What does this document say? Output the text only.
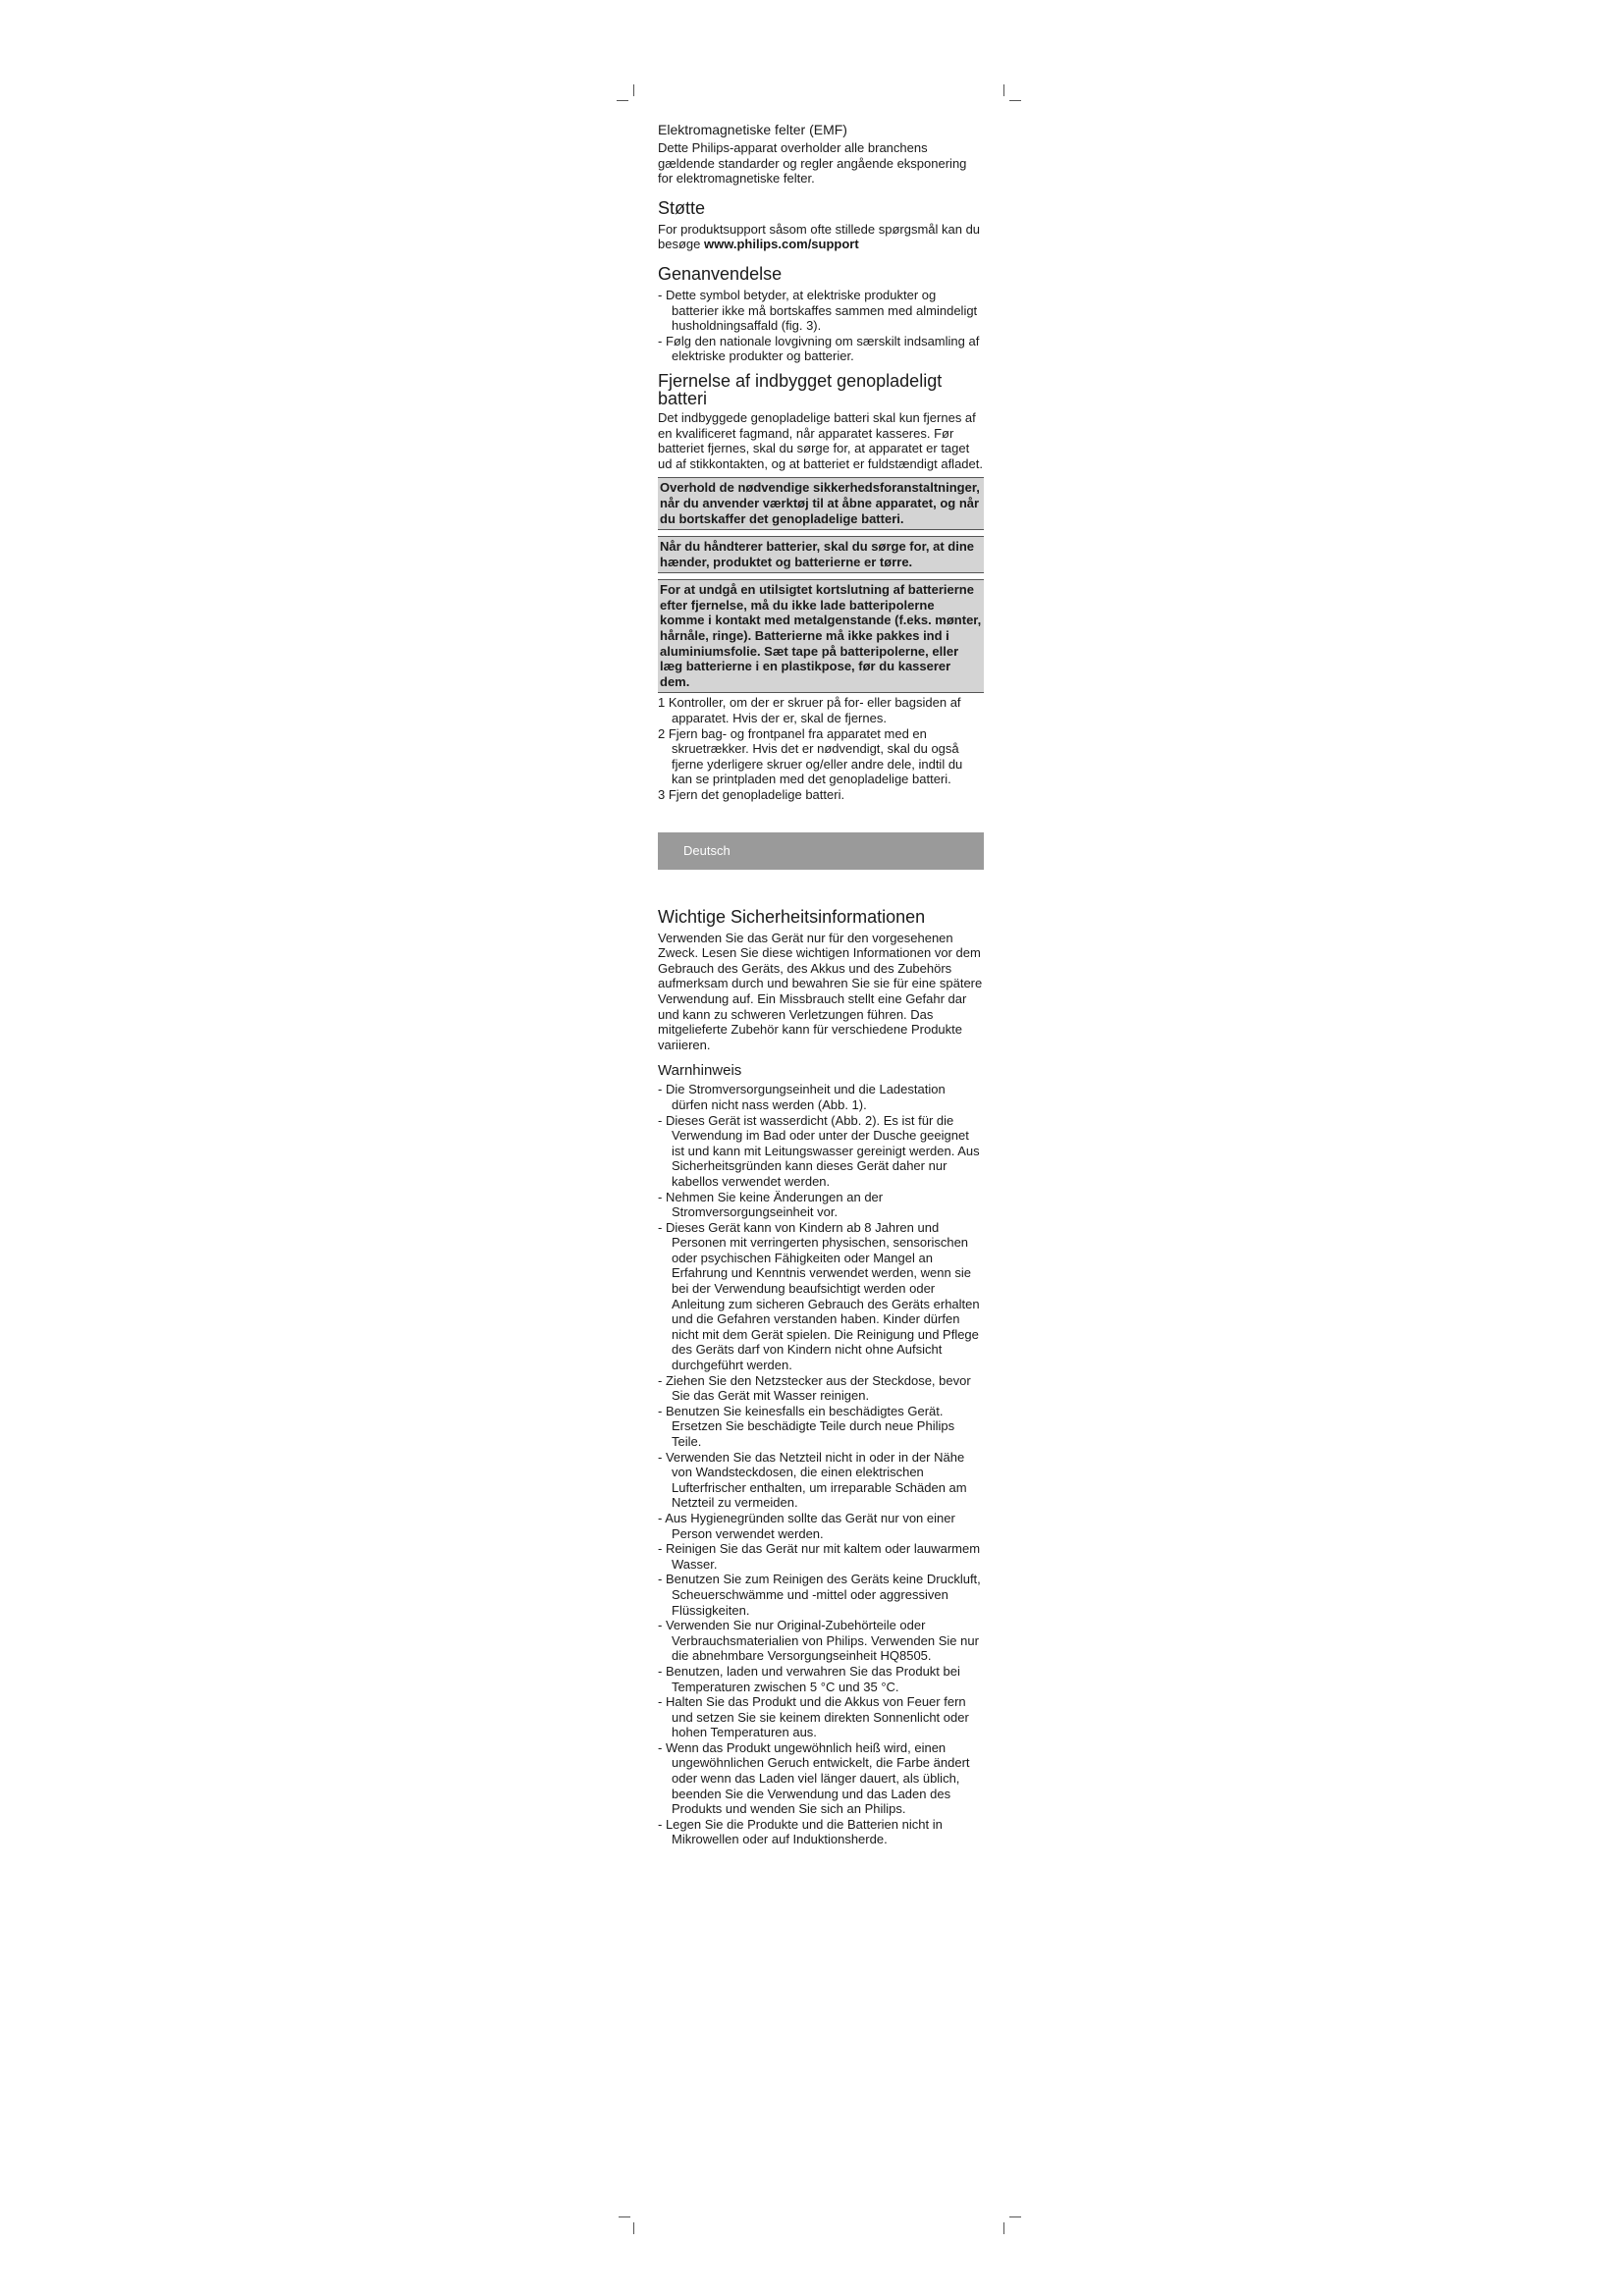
Elektromagnetiske felter (EMF)

Dette Philips-apparat overholder alle branchens gældende standarder og regler angående eksponering for elektromagnetiske felter.

Støtte

For produktsupport såsom ofte stillede spørgsmål kan du besøge www.philips.com/support

Genanvendelse
- Dette symbol betyder, at elektriske produkter og batterier ikke må bortskaffes sammen med almindeligt husholdningsaffald (fig. 3).
- Følg den nationale lovgivning om særskilt indsamling af elektriske produkter og batterier.
Fjernelse af indbygget genopladeligt batteri

Det indbyggede genopladelige batteri skal kun fjernes af en kvalificeret fagmand, når apparatet kasseres. Før batteriet fjernes, skal du sørge for, at apparatet er taget ud af stikkontakten, og at batteriet er fuldstændigt afladet.

Overhold de nødvendige sikkerhedsforanstaltninger, når du anvender værktøj til at åbne apparatet, og når du bortskaffer det genopladelige batteri.
Når du håndterer batterier, skal du sørge for, at dine hænder, produktet og batterierne er tørre.
For at undgå en utilsigtet kortslutning af batterierne efter fjernelse, må du ikke lade batteripolerne komme i kontakt med metalgenstande (f.eks. mønter, hårnåle, ringe). Batterierne må ikke pakkes ind i aluminiumsfolie. Sæt tape på batteripolerne, eller læg batterierne i en plastikpose, før du kasserer dem.
1 Kontroller, om der er skruer på for- eller bagsiden af apparatet. Hvis der er, skal de fjernes.
2 Fjern bag- og frontpanel fra apparatet med en skruetrækker. Hvis det er nødvendigt, skal du også fjerne yderligere skruer og/eller andre dele, indtil du kan se printpladen med det genopladelige batteri.
3 Fjern det genopladelige batteri.
Deutsch
Wichtige Sicherheitsinformationen

Verwenden Sie das Gerät nur für den vorgesehenen Zweck. Lesen Sie diese wichtigen Informationen vor dem Gebrauch des Geräts, des Akkus und des Zubehörs aufmerksam durch und bewahren Sie sie für eine spätere Verwendung auf. Ein Missbrauch stellt eine Gefahr dar und kann zu schweren Verletzungen führen. Das mitgelieferte Zubehör kann für verschiedene Produkte variieren.

Warnhinweis
- Die Stromversorgungseinheit und die Ladestation dürfen nicht nass werden (Abb. 1).
- Dieses Gerät ist wasserdicht (Abb. 2). Es ist für die Verwendung im Bad oder unter der Dusche geeignet ist und kann mit Leitungswasser gereinigt werden. Aus Sicherheitsgründen kann dieses Gerät daher nur kabellos verwendet werden.
- Nehmen Sie keine Änderungen an der Stromversorgungseinheit vor.
- Dieses Gerät kann von Kindern ab 8 Jahren und Personen mit verringerten physischen, sensorischen oder psychischen Fähigkeiten oder Mangel an Erfahrung und Kenntnis verwendet werden, wenn sie bei der Verwendung beaufsichtigt werden oder Anleitung zum sicheren Gebrauch des Geräts erhalten und die Gefahren verstanden haben. Kinder dürfen nicht mit dem Gerät spielen. Die Reinigung und Pflege des Geräts darf von Kindern nicht ohne Aufsicht durchgeführt werden.
- Ziehen Sie den Netzstecker aus der Steckdose, bevor Sie das Gerät mit Wasser reinigen.
- Benutzen Sie keinesfalls ein beschädigtes Gerät. Ersetzen Sie beschädigte Teile durch neue Philips Teile.
- Verwenden Sie das Netzteil nicht in oder in der Nähe von Wandsteckdosen, die einen elektrischen Lufterfrischer enthalten, um irreparable Schäden am Netzteil zu vermeiden.
- Aus Hygienegründen sollte das Gerät nur von einer Person verwendet werden.
- Reinigen Sie das Gerät nur mit kaltem oder lauwarmem Wasser.
- Benutzen Sie zum Reinigen des Geräts keine Druckluft, Scheuerschwämme und -mittel oder aggressiven Flüssigkeiten.
- Verwenden Sie nur Original-Zubehörteile oder Verbrauchsmaterialien von Philips. Verwenden Sie nur die abnehmbare Versorgungseinheit HQ8505.
- Benutzen, laden und verwahren Sie das Produkt bei Temperaturen zwischen 5 °C und 35 °C.
- Halten Sie das Produkt und die Akkus von Feuer fern und setzen Sie sie keinem direkten Sonnenlicht oder hohen Temperaturen aus.
- Wenn das Produkt ungewöhnlich heiß wird, einen ungewöhnlichen Geruch entwickelt, die Farbe ändert oder wenn das Laden viel länger dauert, als üblich, beenden Sie die Verwendung und das Laden des Produkts und wenden Sie sich an Philips.
- Legen Sie die Produkte und die Batterien nicht in Mikrowellen oder auf Induktionsherde.
